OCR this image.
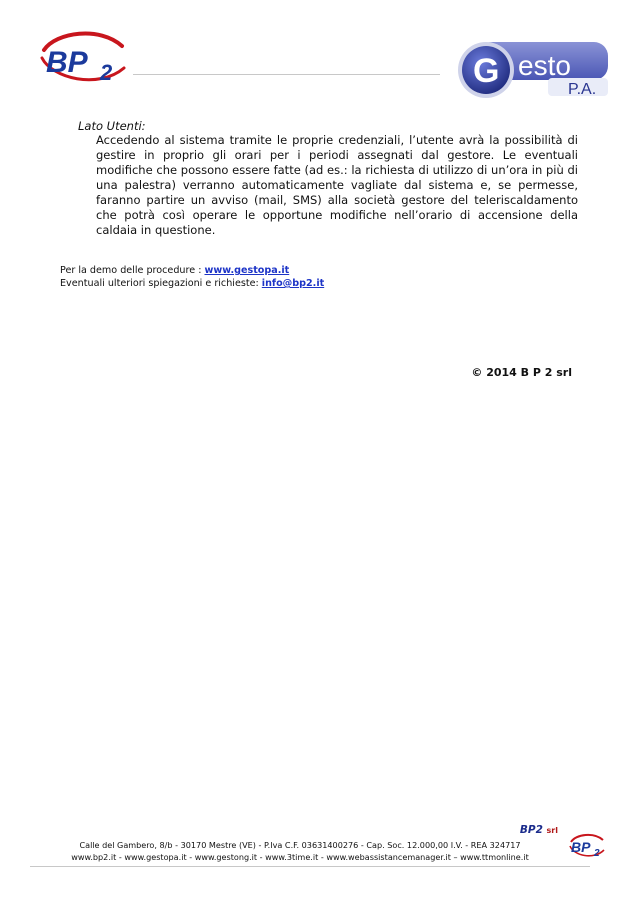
BP 2	G esto
P.A.
Lato Utenti:
Accedendo al sistema tramite le proprie credenziali, l’utente avrà la possibilità di gestire in proprio gli orari per i periodi assegnati dal gestore. Le eventuali modifiche che possono essere fatte (ad es.: la richiesta di utilizzo di un’ora in più di una palestra) verranno automaticamente vagliate dal sistema e, se permesse, faranno partire un avviso (mail, SMS) alla società gestore del teleriscaldamento che potrà così operare le opportune modifiche nell’orario di accensione della caldaia in questione.
Per la demo delle procedure : www.gestopa.it
Eventuali ulteriori spiegazioni e richieste: info@bp2.it
© 2014 B P 2 srl
BP2 srl
BP 2
Calle del Gambero, 8/b - 30170 Mestre (VE) - P.Iva C.F. 03631400276 - Cap. Soc. 12.000,00 I.V. - REA 324717
www.bp2.it - www.gestopa.it - www.gestong.it - www.3time.it - www.webassistancemanager.it – www.ttmonline.it
